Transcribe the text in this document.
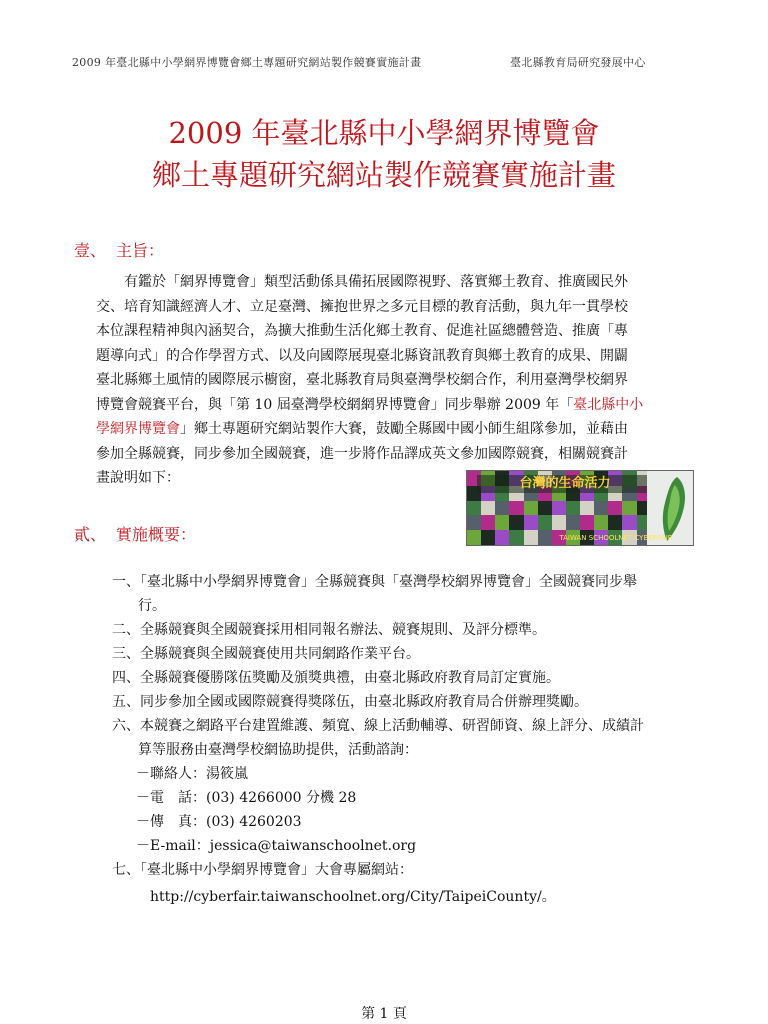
2009 年臺北縣中小學網界博覽會鄉土專題研究網站製作競賽實施計畫	臺北縣教育局研究發展中心
2009 年臺北縣中小學網界博覽會
鄉土專題研究網站製作競賽實施計畫
壹、 主旨：
有鑑於「網界博覽會」類型活動係具備拓展國際視野、落實鄉土教育、推廣國民外
交、培育知識經濟人才、立足臺灣、擁抱世界之多元目標的教育活動，與九年一貫學校
本位課程精神與內涵契合，為擴大推動生活化鄉土教育、促進社區總體營造、推廣「專
題導向式」的合作學習方式、以及向國際展現臺北縣資訊教育與鄉土教育的成果、開闢
臺北縣鄉土風情的國際展示櫥窗，臺北縣教育局與臺灣學校網合作，利用臺灣學校網界
博覽會競賽平台，與「第 10 屆臺灣學校網網界博覽會」同步舉辦 2009 年「臺北縣中小
學網界博覽會」鄉土專題研究網站製作大賽，鼓勵全縣國中國小師生組隊參加，並藉由
參加全縣競賽，同步參加全國競賽，進一步將作品譯成英文參加國際競賽，相關競賽計
畫說明如下：	台灣的生命活力
TAIWAN SCHOOLNET CYBERFAIR
貳、 實施概要：
一、「臺北縣中小學網界博覽會」全縣競賽與「臺灣學校網界博覽會」全國競賽同步舉
行。
二、全縣競賽與全國競賽採用相同報名辦法、競賽規則、及評分標準。
三、全縣競賽與全國競賽使用共同網路作業平台。
四、全縣競賽優勝隊伍獎勵及頒獎典禮，由臺北縣政府教育局訂定實施。
五、同步參加全國或國際競賽得獎隊伍，由臺北縣政府教育局合併辦理獎勵。
六、本競賽之網路平台建置維護、頻寬、線上活動輔導、研習師資、線上評分、成績計
算等服務由臺灣學校網協助提供，活動諮詢：
－聯絡人：湯筱嵐
－電　話：(03) 4266000 分機 28
－傳　真：(03) 4260203
－E-mail：jessica@taiwanschoolnet.org
七、「臺北縣中小學網界博覽會」大會專屬網站：
http://cyberfair.taiwanschoolnet.org/City/TaipeiCounty/。
第 1 頁
